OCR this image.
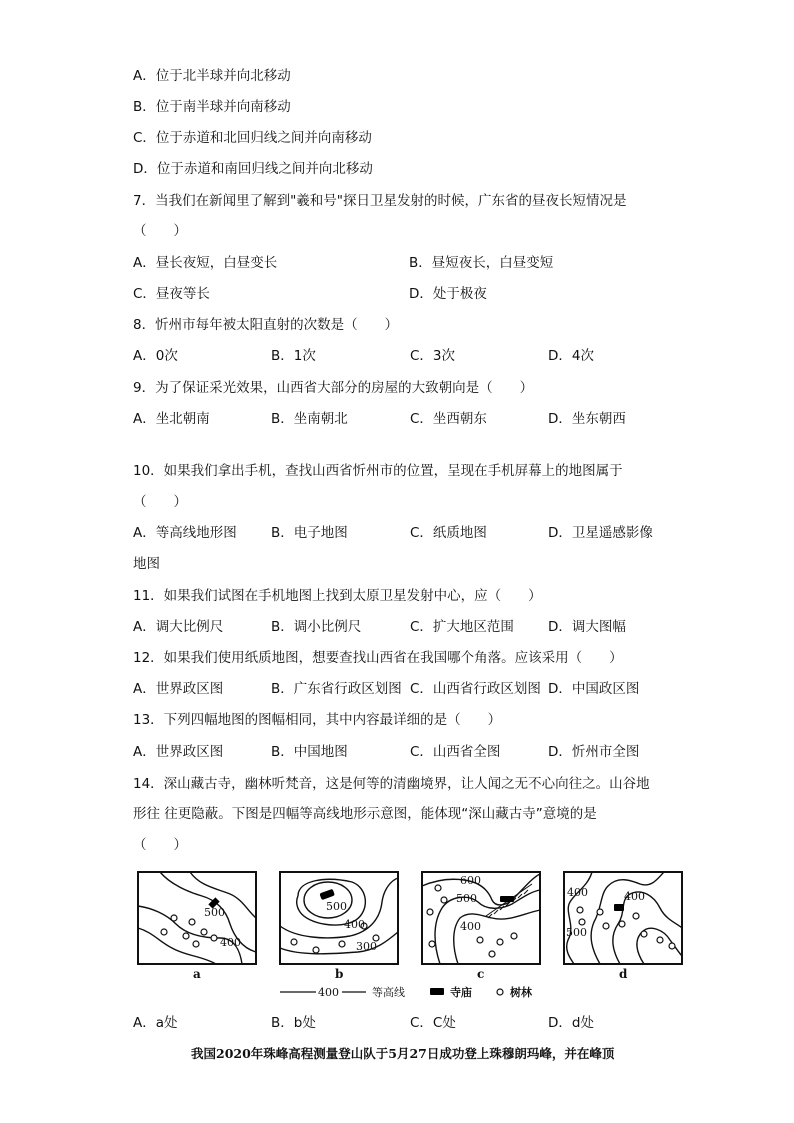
A．位于北半球并向北移动
B．位于南半球并向南移动
C．位于赤道和北回归线之间并向南移动
D．位于赤道和南回归线之间并向北移动
7．当我们在新闻里了解到"羲和号"探日卫星发射的时候，广东省的昼夜长短情况是
（　　）
A．昼长夜短，白昼变长	B．昼短夜长，白昼变短
C．昼夜等长	D．处于极夜
8．忻州市每年被太阳直射的次数是（　　）
A．0次	B．1次	C．3次	D．4次
9．为了保证采光效果，山西省大部分的房屋的大致朝向是（　　）
A．坐北朝南	B．坐南朝北	C．坐西朝东	D．坐东朝西
10．如果我们拿出手机，查找山西省忻州市的位置，呈现在手机屏幕上的地图属于
（　　）
A．等高线地形图	B．电子地图	C．纸质地图	D．卫星遥感影像
地图
11．如果我们试图在手机地图上找到太原卫星发射中心，应（　　）
A．调大比例尺	B．调小比例尺	C．扩大地区范围	D．调大图幅
12．如果我们使用纸质地图，想要查找山西省在我国哪个角落。应该采用（　　）
A．世界政区图	B．广东省行政区划图 C．山西省行政区划图 D．中国政区图
13．下列四幅地图的图幅相同，其中内容最详细的是（　　）
A．世界政区图	B．中国地图	C．山西省全图	D．忻州市全图
14．深山藏古寺，幽林听梵音，这是何等的清幽境界，让人闻之无不心向往之。山谷地
形往 往更隐蔽。下图是四幅等高线地形示意图，能体现“深山藏古寺”意境的是
（　　）
500
400
500
400
300
600
500
400
400	400
500
a	b	c	d
400	等高线	寺庙	树林
A．a处	B．b处	C．C处	D．d处
我国2020年珠峰高程测量登山队于5月27日成功登上珠穆朗玛峰，并在峰顶
